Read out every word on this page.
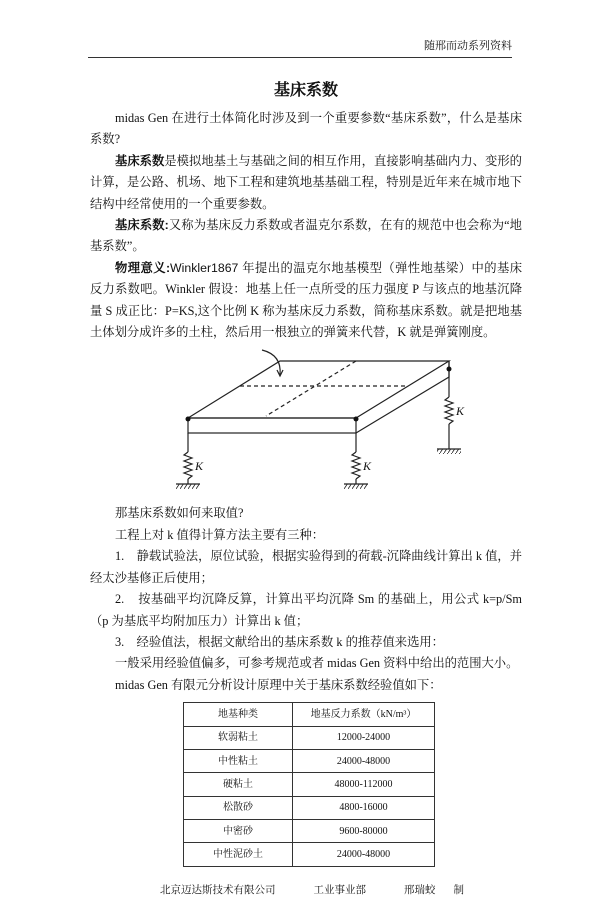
随邢而动系列资料
基床系数
midas Gen 在进行土体简化时涉及到一个重要参数“基床系数”，什么是基床系数?
基床系数是模拟地基土与基础之间的相互作用，直接影响基础内力、变形的计算，是公路、机场、地下工程和建筑地基基础工程，特别是近年来在城市地下结构中经常使用的一个重要参数。
基床系数:又称为基床反力系数或者温克尔系数，在有的规范中也会称为“地基系数”。
物理意义:Winkler1867 年提出的温克尔地基模型（弹性地基梁）中的基床反力系数吧。Winkler 假设：地基上任一点所受的压力强度 P 与该点的地基沉降量 S 成正比：P=KS,这个比例 K 称为基床反力系数，简称基床系数。就是把地基土体划分成许多的土柱，然后用一根独立的弹簧来代替，K 就是弹簧刚度。
K	K
K
那基床系数如何来取值?
工程上对 k 值得计算方法主要有三种：
1. 静载试验法，原位试验，根据实验得到的荷载-沉降曲线计算出 k 值，并经太沙基修正后使用；
2. 按基础平均沉降反算，计算出平均沉降 Sm 的基础上，用公式 k=p/Sm（p 为基底平均附加压力）计算出 k 值；
3. 经验值法，根据文献给出的基床系数 k 的推荐值来选用：
一般采用经验值偏多，可参考规范或者 midas Gen 资料中给出的范围大小。
midas Gen 有限元分析设计原理中关于基床系数经验值如下：
地基种类	地基反力系数（kN/m³）
软弱粘土	12000-24000
中性粘土	24000-48000
硬粘土	48000-112000
松散砂	4800-16000
中密砂	9600-80000
中性泥砂土	24000-48000
北京迈达斯技术有限公司	工业事业部	邢瑞蛟 制
